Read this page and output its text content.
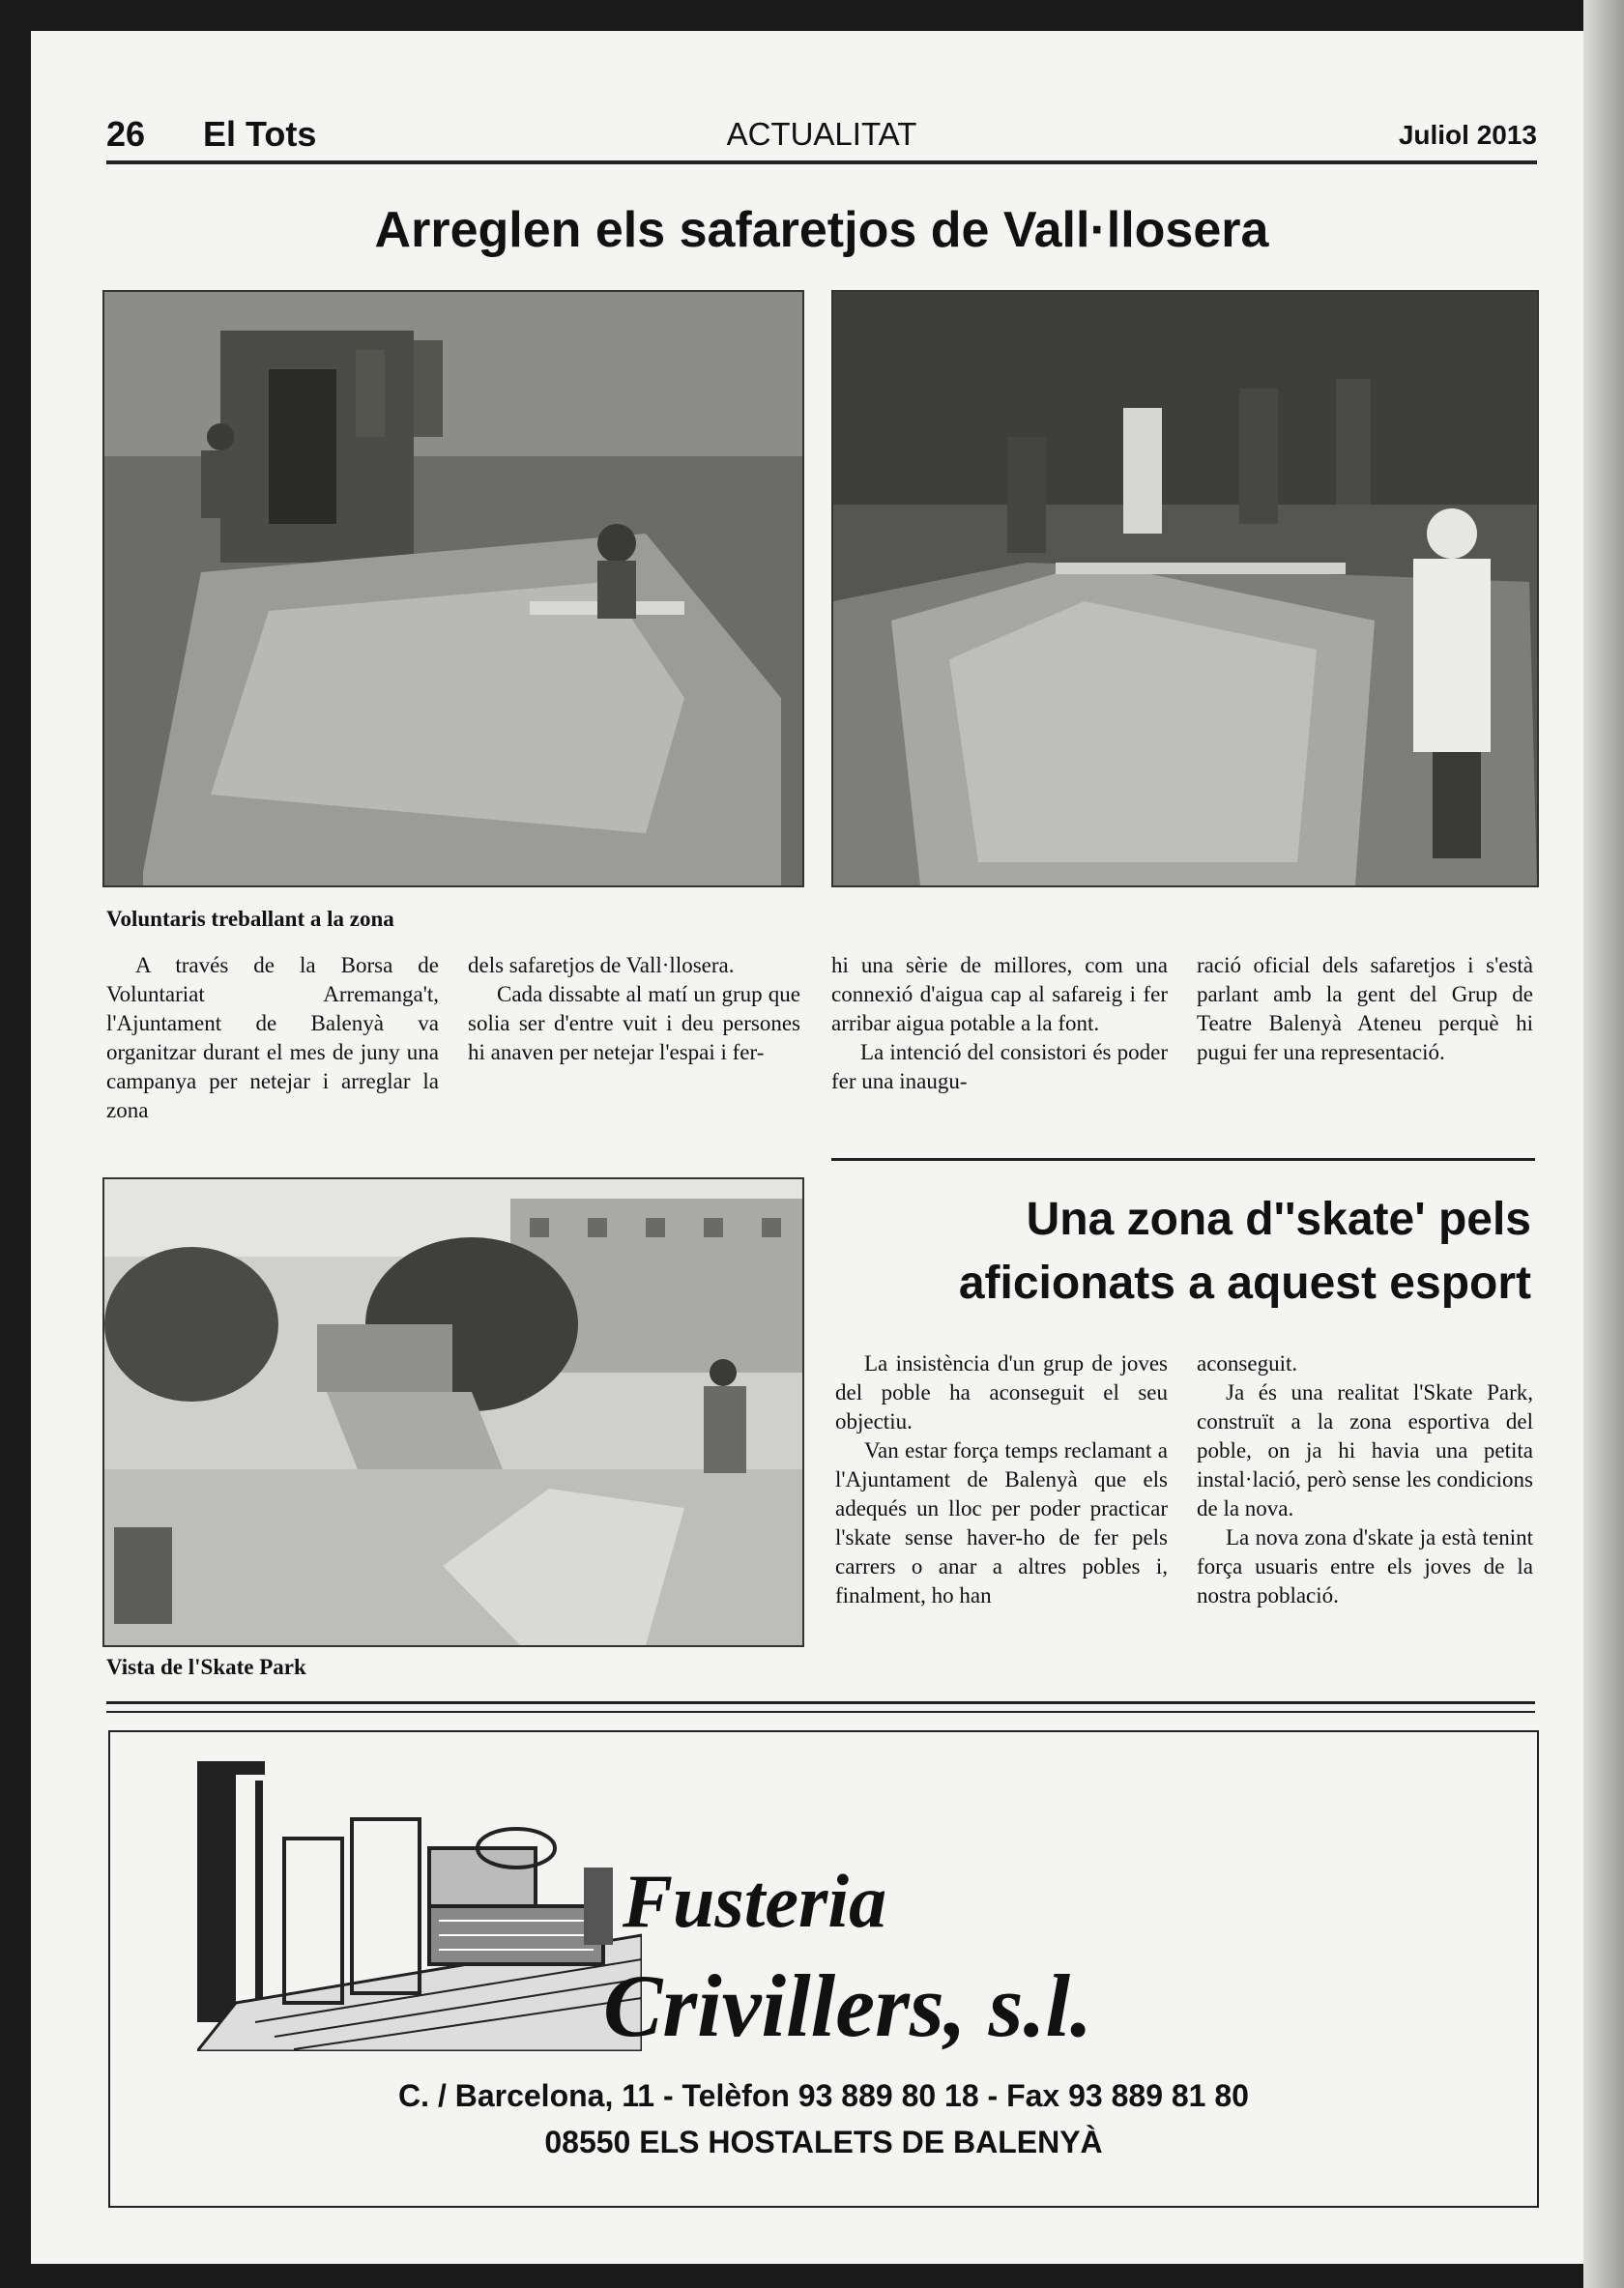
26 El Tots	ACTUALITAT	Juliol 2013
Arreglen els safaretjos de Vall·llosera
Voluntaris treballant a la zona

A través de la Borsa de Voluntariat Arremanga't, l'Ajuntament de Balenyà va organitzar durant el mes de juny una campanya per netejar i arreglar la zona

dels safaretjos de Vall·llosera.

Cada dissabte al matí un grup que solia ser d'entre vuit i deu persones hi anaven per netejar l'espai i fer-

hi una sèrie de millores, com una connexió d'aigua cap al safareig i fer arribar aigua potable a la font.

La intenció del consistori és poder fer una inaugu-

ració oficial dels safaretjos i s'està parlant amb la gent del Grup de Teatre Balenyà Ateneu perquè hi pugui fer una representació.

Vista de l'Skate Park
Una zona d''skate' pels
aficionats a aquest esport

La insistència d'un grup de joves del poble ha aconseguit el seu objectiu.

Van estar força temps reclamant a l'Ajuntament de Balenyà que els adequés un lloc per poder practicar l'skate sense haver-ho de fer pels carrers o anar a altres pobles i, finalment, ho han

aconseguit.

Ja és una realitat l'Skate Park, construït a la zona esportiva del poble, on ja hi havia una petita instal·lació, però sense les condicions de la nova.

La nova zona d'skate ja està tenint força usuaris entre els joves de la nostra població.

Fusteria
Crivillers, s.l.
C. / Barcelona, 11 - Telèfon 93 889 80 18 - Fax 93 889 81 80
08550 ELS HOSTALETS DE BALENYÀ
